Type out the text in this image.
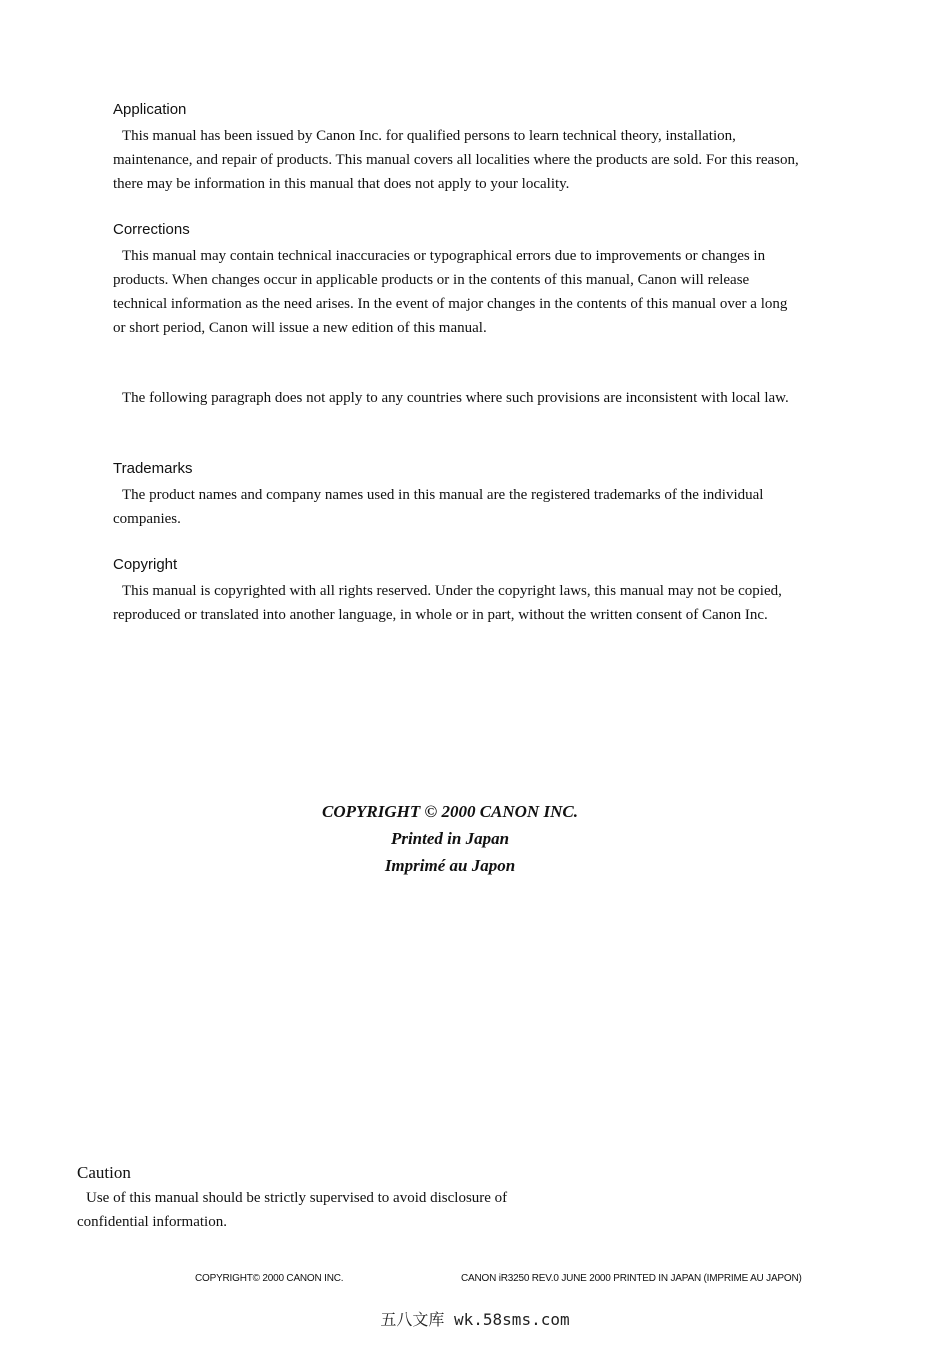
Application

This manual has been issued by Canon Inc. for qualified persons to learn technical theory, installation, maintenance, and repair of products. This manual covers all localities where the products are sold. For this reason, there may be information in this manual that does not apply to your locality.

Corrections

This manual may contain technical inaccuracies or typographical errors due to improvements or changes in products. When changes occur in applicable products or in the contents of this manual, Canon will release technical information as the need arises. In the event of major changes in the contents of this manual over a long or short period, Canon will issue a new edition of this manual.

The following paragraph does not apply to any countries where such provisions are inconsistent with local law.

Trademarks

The product names and company names used in this manual are the registered trademarks of the individual companies.

Copyright

This manual is copyrighted with all rights reserved. Under the copyright laws, this manual may not be copied, reproduced or translated into another language, in whole or in part, without the written consent of Canon Inc.

COPYRIGHT © 2000 CANON INC.
Printed in Japan
Imprimé au Japon
Caution

Use of this manual should be strictly supervised to avoid disclosure of confidential information.

COPYRIGHT© 2000 CANON INC.	CANON iR3250 REV.0 JUNE 2000 PRINTED IN JAPAN (IMPRIME AU JAPON)
五八文库 wk.58sms.com
